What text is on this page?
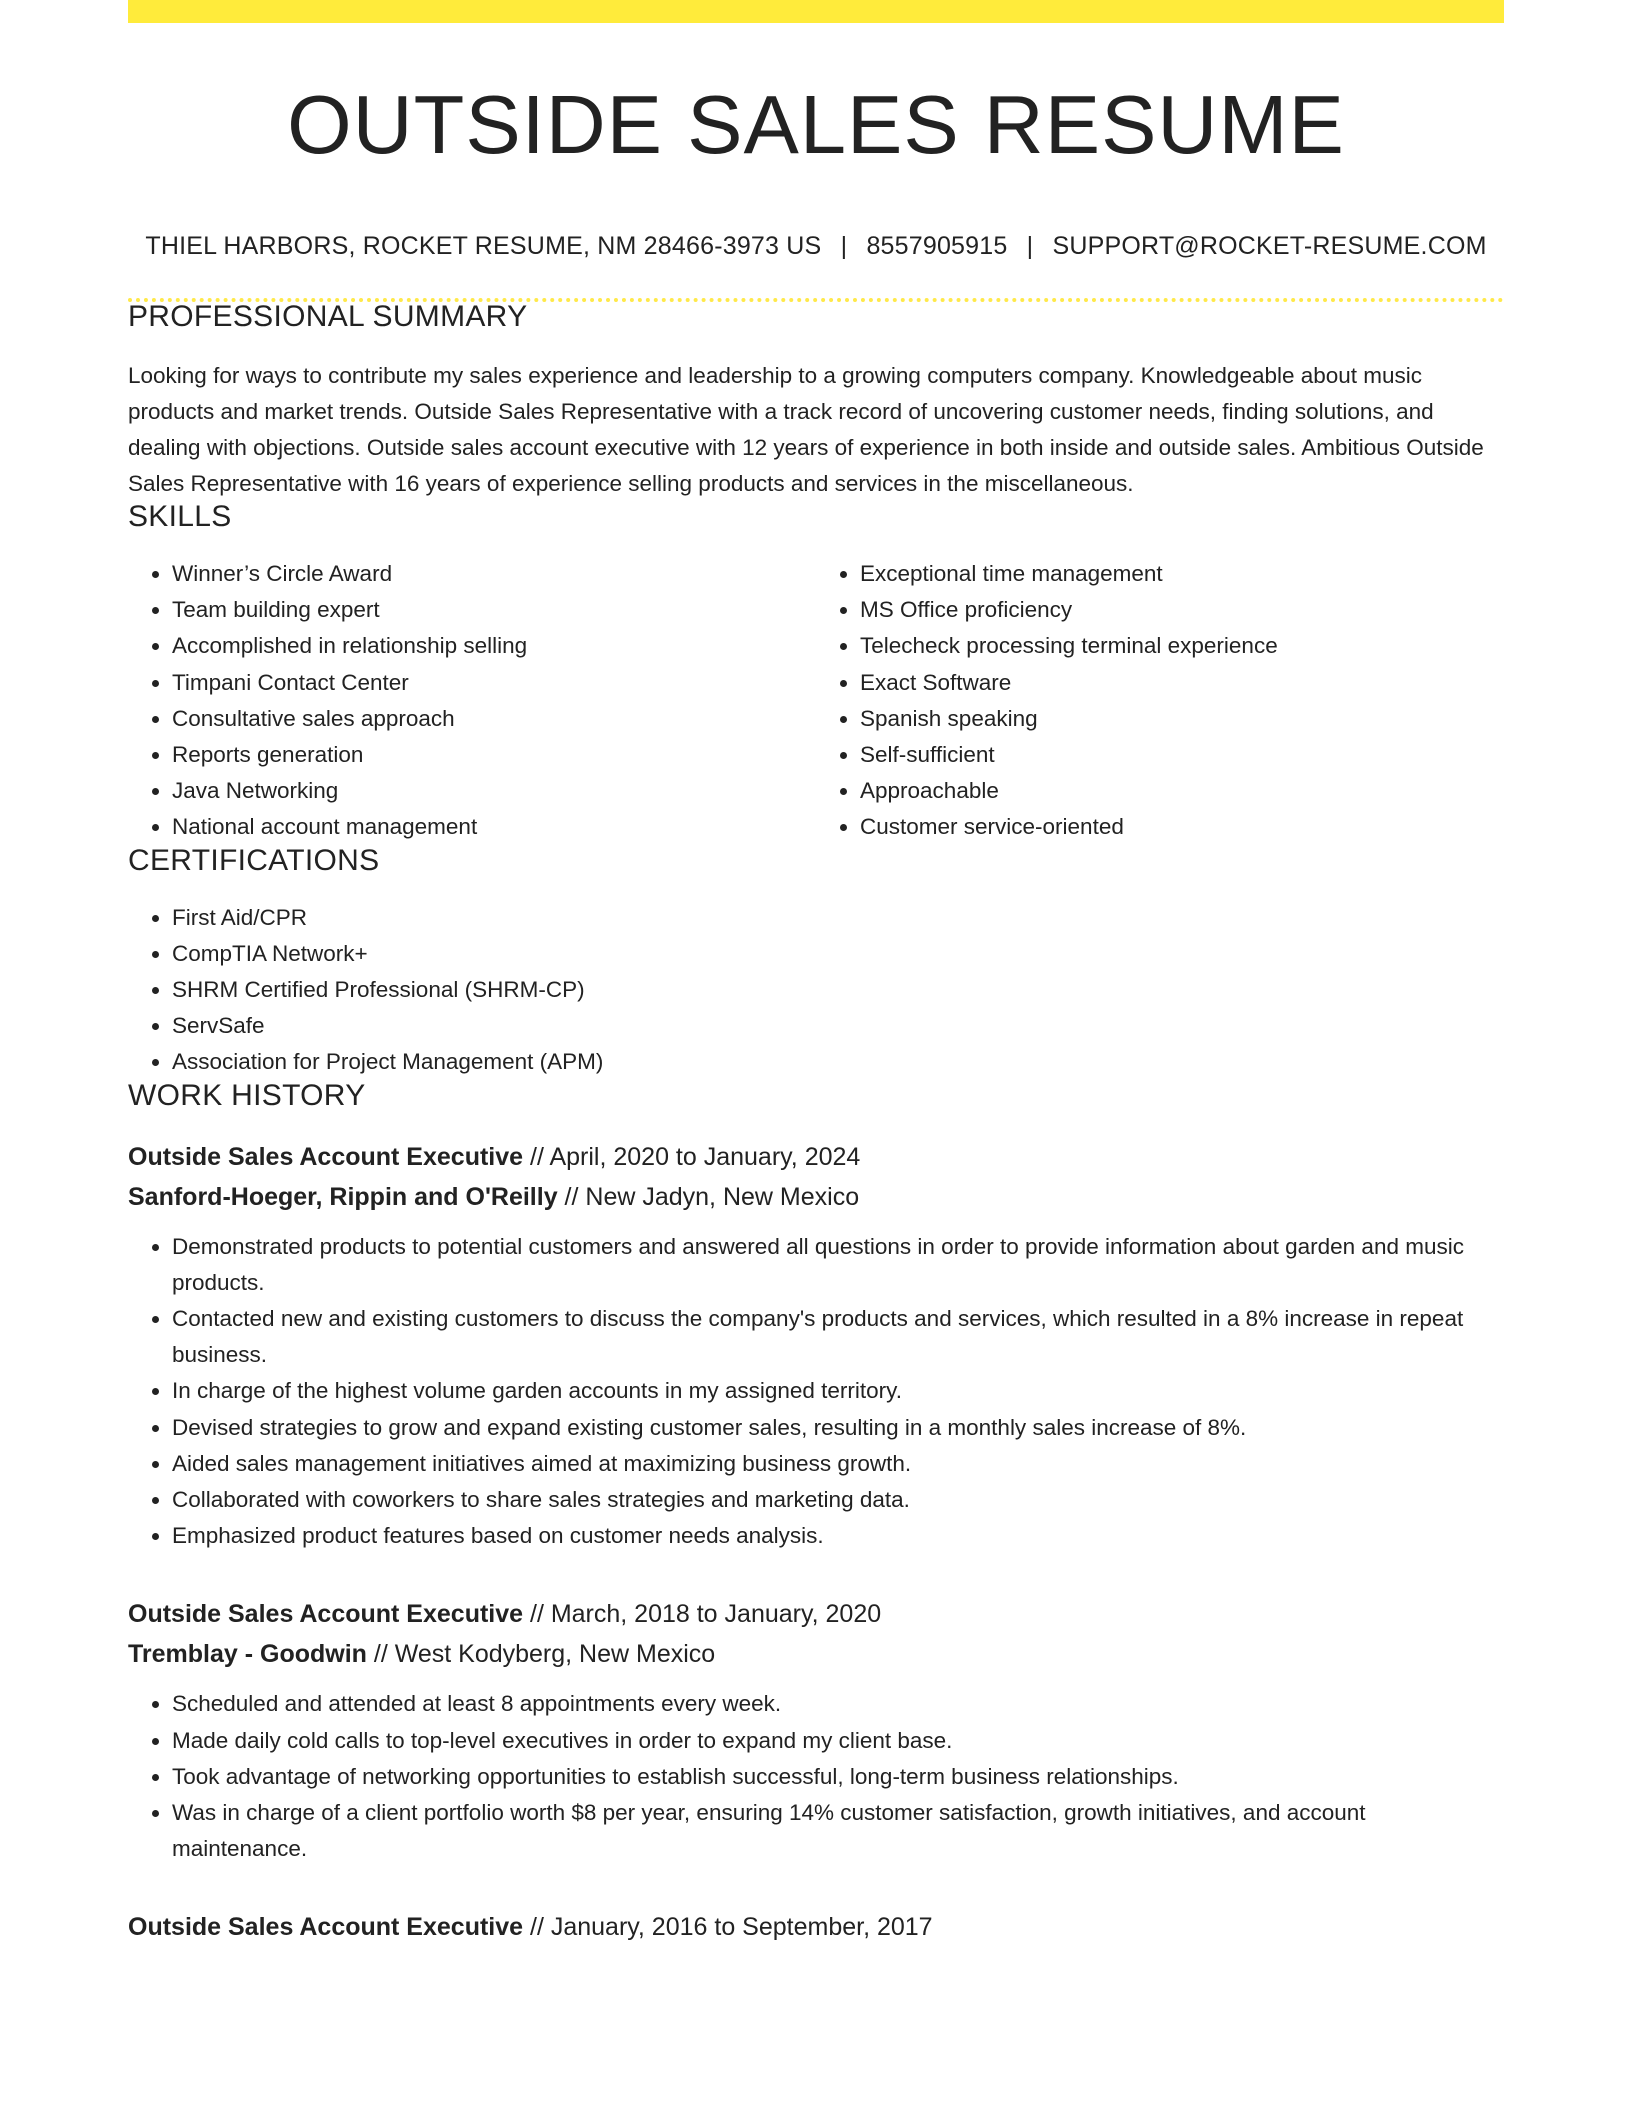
OUTSIDE SALES RESUME
THIEL HARBORS, ROCKET RESUME, NM 28466-3973 US | 8557905915 | SUPPORT@ROCKET-RESUME.COM
PROFESSIONAL SUMMARY

Looking for ways to contribute my sales experience and leadership to a growing computers company. Knowledgeable about music products and market trends. Outside Sales Representative with a track record of uncovering customer needs, finding solutions, and dealing with objections. Outside sales account executive with 12 years of experience in both inside and outside sales. Ambitious Outside Sales Representative with 16 years of experience selling products and services in the miscellaneous.

SKILLS
• Winner’s Circle Award
• Team building expert
• Accomplished in relationship selling
• Timpani Contact Center
• Consultative sales approach
• Reports generation
• Java Networking
• National account management
• Exceptional time management
• MS Office proficiency
• Telecheck processing terminal experience
• Exact Software
• Spanish speaking
• Self-sufficient
• Approachable
• Customer service-oriented
CERTIFICATIONS
• First Aid/CPR
• CompTIA Network+
• SHRM Certified Professional (SHRM-CP)
• ServSafe
• Association for Project Management (APM)
WORK HISTORY
Outside Sales Account Executive // April, 2020 to January, 2024
Sanford-Hoeger, Rippin and O'Reilly // New Jadyn, New Mexico
• Demonstrated products to potential customers and answered all questions in order to provide information about garden and music products.
• Contacted new and existing customers to discuss the company's products and services, which resulted in a 8% increase in repeat business.
• In charge of the highest volume garden accounts in my assigned territory.
• Devised strategies to grow and expand existing customer sales, resulting in a monthly sales increase of 8%.
• Aided sales management initiatives aimed at maximizing business growth.
• Collaborated with coworkers to share sales strategies and marketing data.
• Emphasized product features based on customer needs analysis.
Outside Sales Account Executive // March, 2018 to January, 2020
Tremblay - Goodwin // West Kodyberg, New Mexico
• Scheduled and attended at least 8 appointments every week.
• Made daily cold calls to top-level executives in order to expand my client base.
• Took advantage of networking opportunities to establish successful, long-term business relationships.
• Was in charge of a client portfolio worth $8 per year, ensuring 14% customer satisfaction, growth initiatives, and account maintenance.
Outside Sales Account Executive // January, 2016 to September, 2017
